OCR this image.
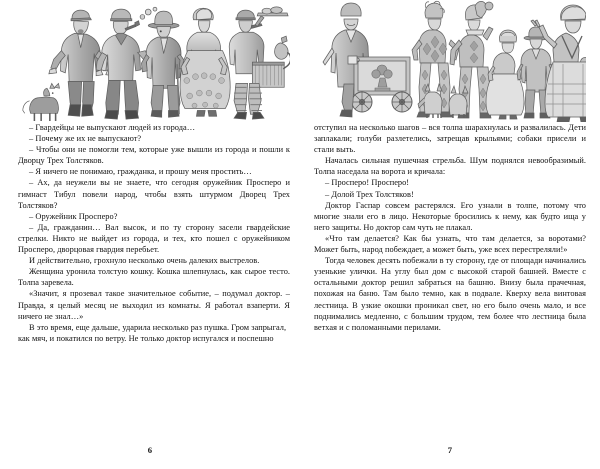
– Гвардейцы не выпускают людей из города…

– Почему же их не выпускают?

– Чтобы они не помогли тем, которые уже вышли из города и пошли к Дворцу Трех Толстяков.

– Я ничего не понимаю, гражданка, и прошу меня простить…

– Ах, да неужели вы не знаете, что сегодня оружейник Просперо и гимнаст Тибул повели народ, чтобы взять штурмом Дворец Трех Толстяков?

– Оружейник Просперо?

– Да, гражданин… Вал высок, и по ту сторону засели гвардейские стрелки. Никто не выйдет из города, и тех, кто пошел с оружейником Просперо, дворцовая гвардия перебьет.

И действительно, грохнуло несколько очень далеких выстрелов.

Женщина уронила толстую кошку. Кошка шлепнулась, как сырое тесто. Толпа заревела.

«Значит, я прозевал такое значительное событие, – подумал доктор. – Правда, я целый месяц не выходил из комнаты. Я работал взаперти. Я ничего не знал…»

В это время, еще дальше, ударила несколько раз пушка. Гром запрыгал, как мяч, и покатился по ветру. Не только доктор испугался и поспешно

6

отступил на несколько шагов – вся толпа шарахнулась и развалилась. Дети заплакали; голуби разлетелись, затрещав крыльями; собаки присели и стали выть.

Началась сильная пушечная стрельба. Шум поднялся невообразимый. Толпа наседала на ворота и кричала:

– Просперо! Просперо!

– Долой Трех Толстяков!

Доктор Гаспар совсем растерялся. Его узнали в толпе, потому что многие знали его в лицо. Некоторые бросились к нему, как будто ища у него защиты. Но доктор сам чуть не плакал.

«Что там делается? Как бы узнать, что там делается, за воротами? Может быть, народ побеждает, а может быть, уже всех перестреляли!»

Тогда человек десять побежали в ту сторону, где от площади начинались узенькие улички. На углу был дом с высокой старой башней. Вместе с остальными доктор решил забраться на башню. Внизу была прачечная, похожая на баню. Там было темно, как в подвале. Кверху вела винтовая лестница. В узкие окошки проникал свет, но его было очень мало, и все поднимались медленно, с большим трудом, тем более что лестница была ветхая и с поломанными перилами.

7
